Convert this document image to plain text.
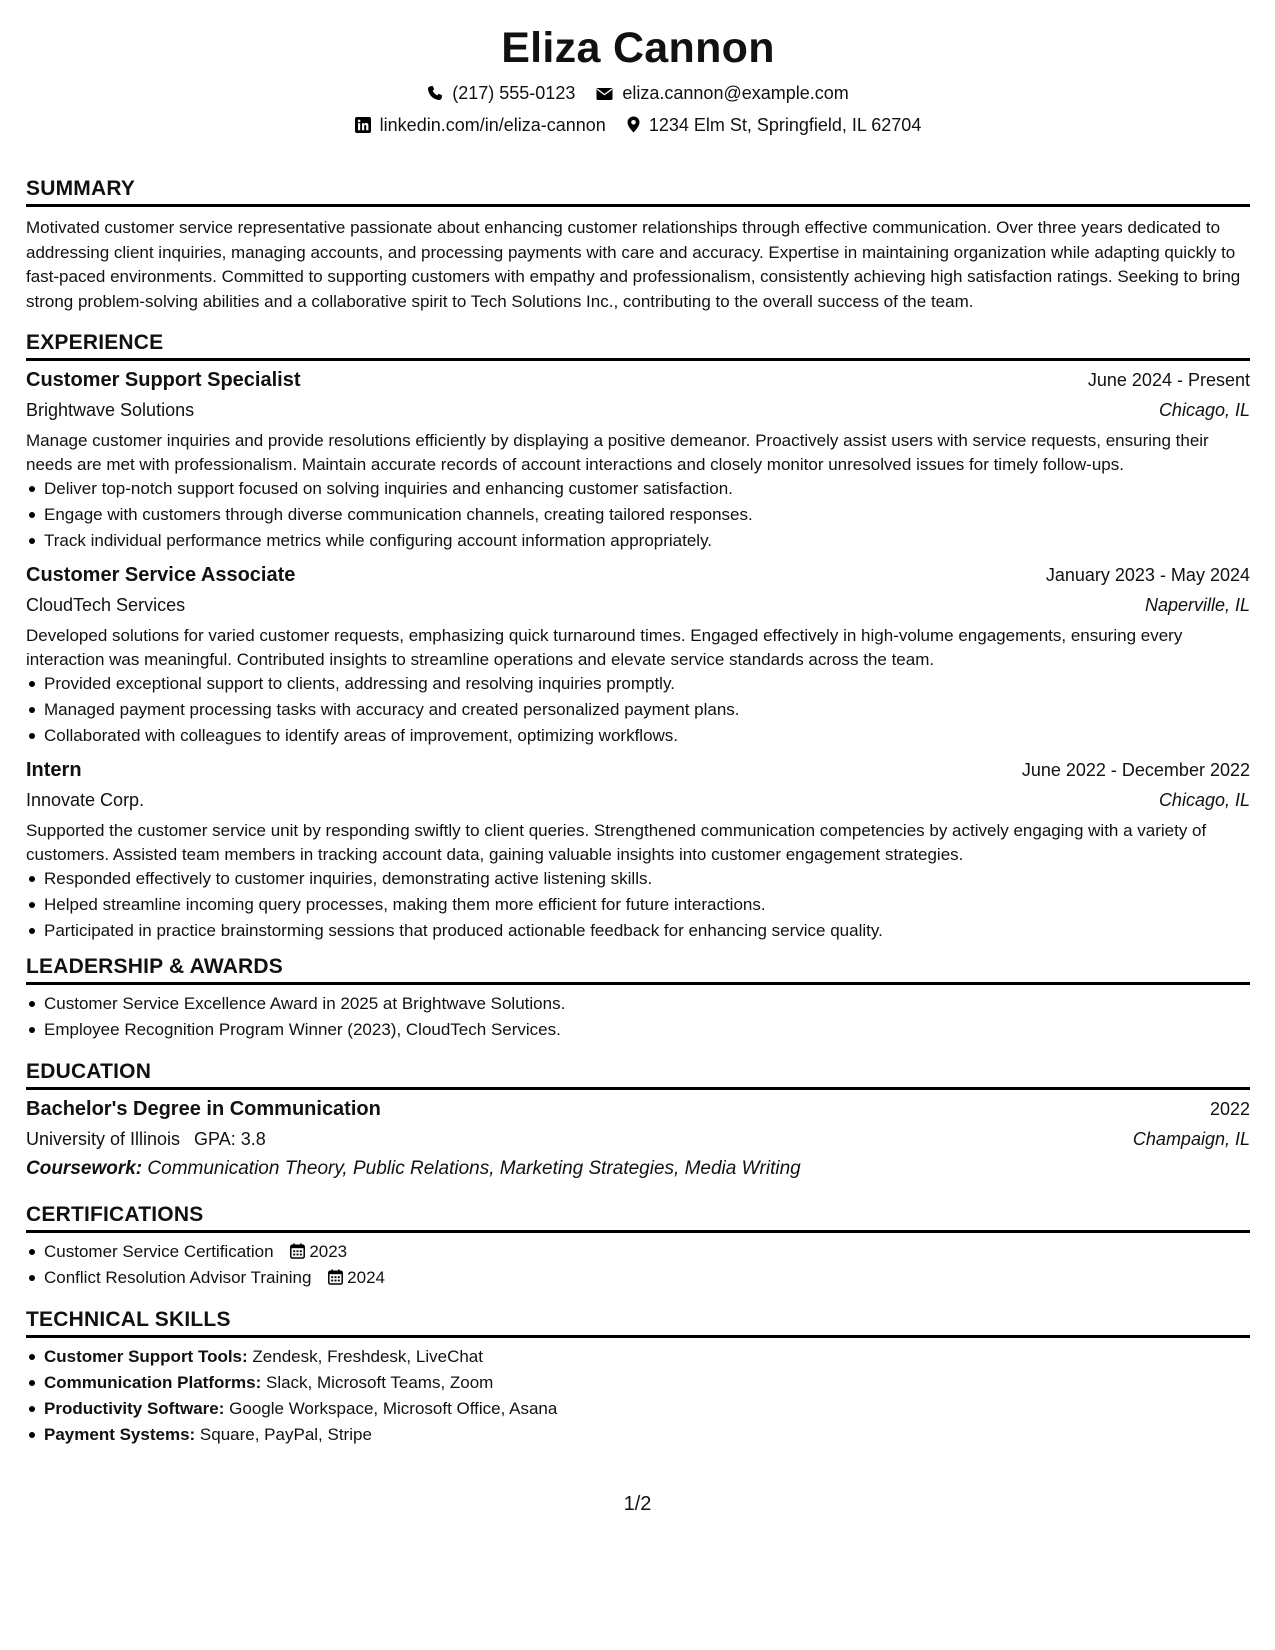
Eliza Cannon
(217) 555-0123	eliza.cannon@example.com
linkedin.com/in/eliza-cannon 1234 Elm St, Springfield, IL 62704
SUMMARY

Motivated customer service representative passionate about enhancing customer relationships through effective communication. Over three years dedicated to addressing client inquiries, managing accounts, and processing payments with care and accuracy. Expertise in maintaining organization while adapting quickly to fast-paced environments. Committed to supporting customers with empathy and professionalism, consistently achieving high satisfaction ratings. Seeking to bring strong problem-solving abilities and a collaborative spirit to Tech Solutions Inc., contributing to the overall success of the team.

EXPERIENCE
Customer Support Specialist	June 2024 - Present
Brightwave Solutions	Chicago, IL
Manage customer inquiries and provide resolutions efficiently by displaying a positive demeanor. Proactively assist users with service requests, ensuring their needs are met with professionalism. Maintain accurate records of account interactions and closely monitor unresolved issues for timely follow-ups.
Deliver top-notch support focused on solving inquiries and enhancing customer satisfaction.
Engage with customers through diverse communication channels, creating tailored responses.
Track individual performance metrics while configuring account information appropriately.
Customer Service Associate	January 2023 - May 2024
CloudTech Services	Naperville, IL
Developed solutions for varied customer requests, emphasizing quick turnaround times. Engaged effectively in high-volume engagements, ensuring every interaction was meaningful. Contributed insights to streamline operations and elevate service standards across the team.
Provided exceptional support to clients, addressing and resolving inquiries promptly.
Managed payment processing tasks with accuracy and created personalized payment plans.
Collaborated with colleagues to identify areas of improvement, optimizing workflows.
Intern	June 2022 - December 2022
Innovate Corp.	Chicago, IL
Supported the customer service unit by responding swiftly to client queries. Strengthened communication competencies by actively engaging with a variety of customers. Assisted team members in tracking account data, gaining valuable insights into customer engagement strategies.
Responded effectively to customer inquiries, demonstrating active listening skills.
Helped streamline incoming query processes, making them more efficient for future interactions.
Participated in practice brainstorming sessions that produced actionable feedback for enhancing service quality.
LEADERSHIP & AWARDS
Customer Service Excellence Award in 2025 at Brightwave Solutions.
Employee Recognition Program Winner (2023), CloudTech Services.
EDUCATION
Bachelor's Degree in Communication	2022
University of Illinois GPA: 3.8	Champaign, IL
Coursework: Communication Theory, Public Relations, Marketing Strategies, Media Writing
CERTIFICATIONS
Customer Service Certification 2023
Conflict Resolution Advisor Training 2024
TECHNICAL SKILLS
Customer Support Tools: Zendesk, Freshdesk, LiveChat
Communication Platforms: Slack, Microsoft Teams, Zoom
Productivity Software: Google Workspace, Microsoft Office, Asana
Payment Systems: Square, PayPal, Stripe
1/2
